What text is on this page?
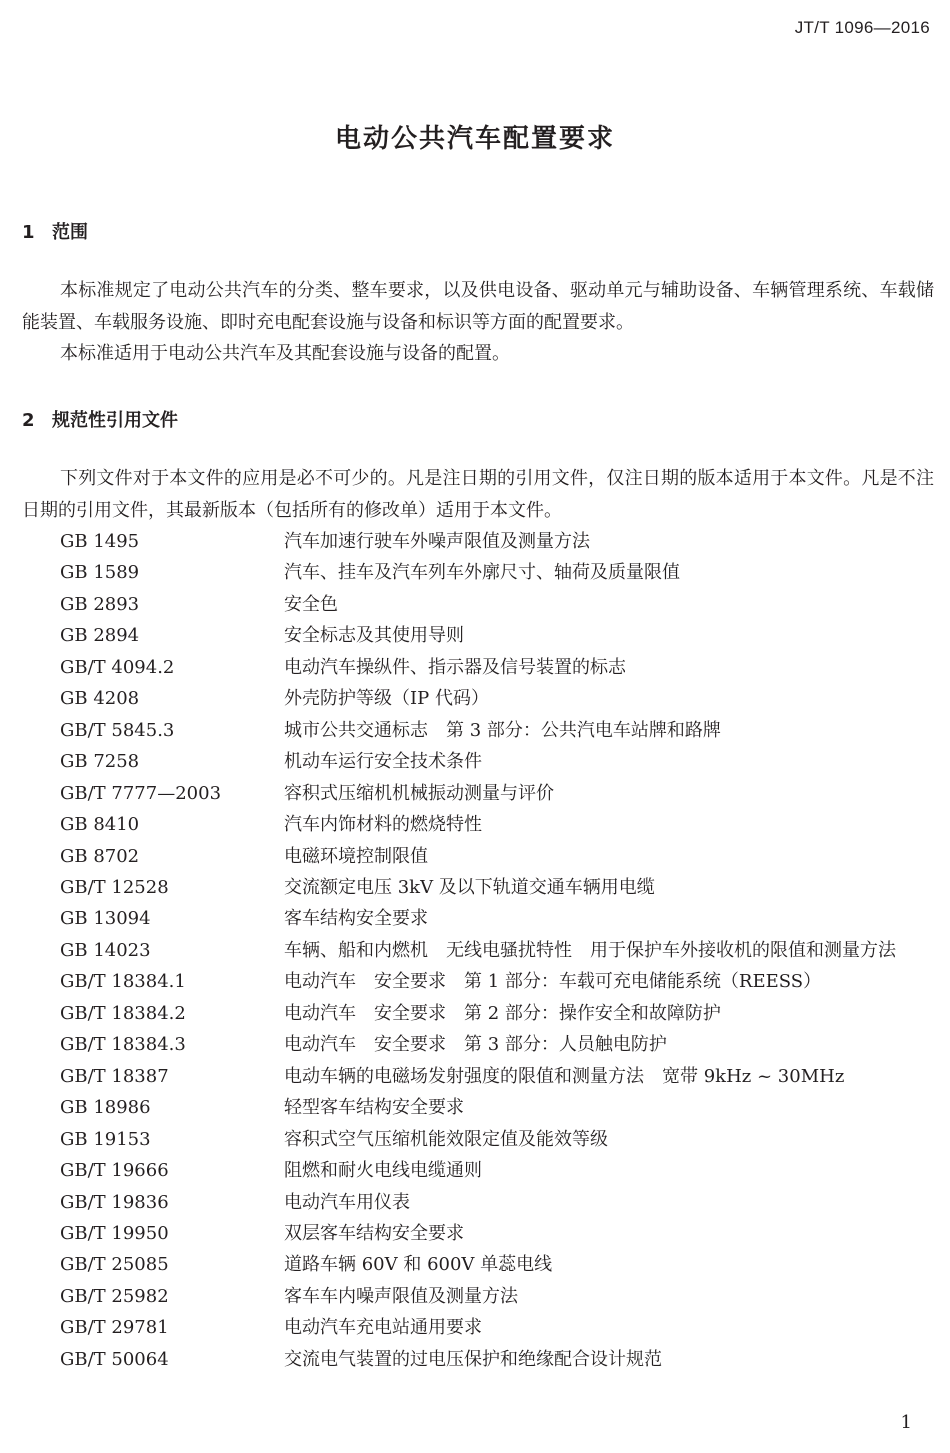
JT/T 1096—2016
电动公共汽车配置要求
1 范围
本标准规定了电动公共汽车的分类、整车要求，以及供电设备、驱动单元与辅助设备、车辆管理系统、车载储能装置、车载服务设施、即时充电配套设施与设备和标识等方面的配置要求。
本标准适用于电动公共汽车及其配套设施与设备的配置。
2 规范性引用文件
下列文件对于本文件的应用是必不可少的。凡是注日期的引用文件，仅注日期的版本适用于本文件。凡是不注日期的引用文件，其最新版本（包括所有的修改单）适用于本文件。
GB 1495	汽车加速行驶车外噪声限值及测量方法
GB 1589	汽车、挂车及汽车列车外廓尺寸、轴荷及质量限值
GB 2893	安全色
GB 2894	安全标志及其使用导则
GB/T 4094.2	电动汽车操纵件、指示器及信号装置的标志
GB 4208	外壳防护等级（IP 代码）
GB/T 5845.3	城市公共交通标志　第 3 部分：公共汽电车站牌和路牌
GB 7258	机动车运行安全技术条件
GB/T 7777—2003	容积式压缩机机械振动测量与评价
GB 8410	汽车内饰材料的燃烧特性
GB 8702	电磁环境控制限值
GB/T 12528	交流额定电压 3kV 及以下轨道交通车辆用电缆
GB 13094	客车结构安全要求
GB 14023	车辆、船和内燃机　无线电骚扰特性　用于保护车外接收机的限值和测量方法
GB/T 18384.1	电动汽车　安全要求　第 1 部分：车载可充电储能系统（REESS）
GB/T 18384.2	电动汽车　安全要求　第 2 部分：操作安全和故障防护
GB/T 18384.3	电动汽车　安全要求　第 3 部分：人员触电防护
GB/T 18387	电动车辆的电磁场发射强度的限值和测量方法　宽带 9kHz ~ 30MHz
GB 18986	轻型客车结构安全要求
GB 19153	容积式空气压缩机能效限定值及能效等级
GB/T 19666	阻燃和耐火电线电缆通则
GB/T 19836	电动汽车用仪表
GB/T 19950	双层客车结构安全要求
GB/T 25085	道路车辆 60V 和 600V 单蕊电线
GB/T 25982	客车车内噪声限值及测量方法
GB/T 29781	电动汽车充电站通用要求
GB/T 50064	交流电气装置的过电压保护和绝缘配合设计规范
1
